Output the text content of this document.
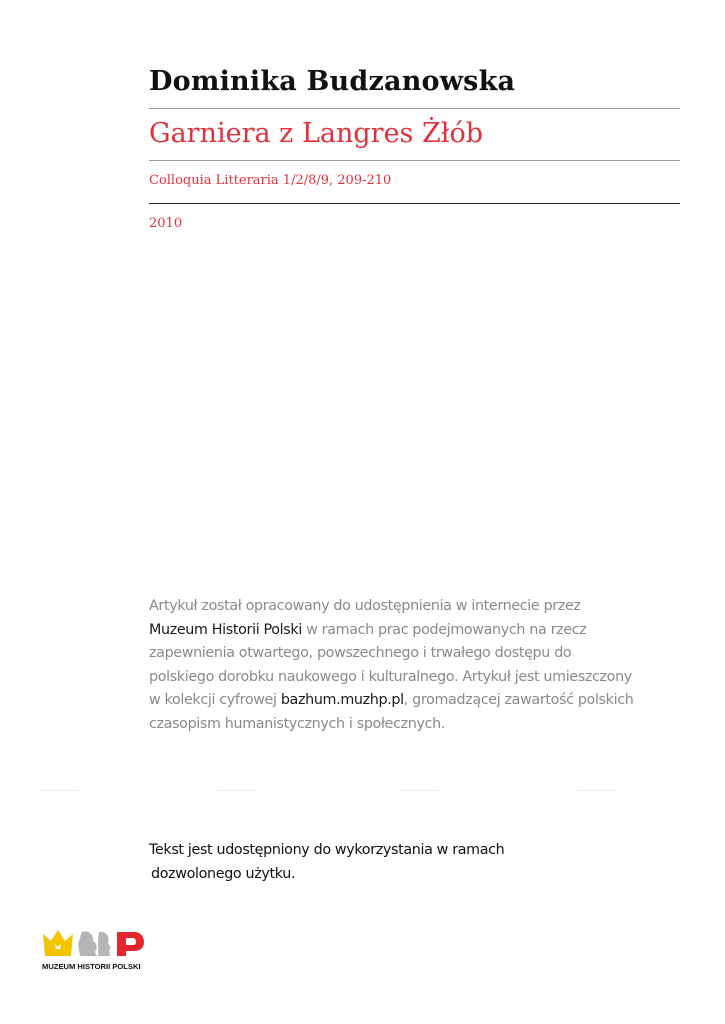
Dominika Budzanowska
Garniera z Langres Żłób
Colloquia Litteraria 1/2/8/9, 209-210
2010
Artykuł został opracowany do udostępnienia w internecie przez
Muzeum Historii Polski w ramach prac podejmowanych na rzecz
zapewnienia otwartego, powszechnego i trwałego dostępu do
polskiego dorobku naukowego i kulturalnego. Artykuł jest umieszczony
w kolekcji cyfrowej bazhum.muzhp.pl, gromadzącej zawartość polskich
czasopism humanistycznych i społecznych.
Tekst jest udostępniony do wykorzystania w ramach
dozwolonego użytku.
MUZEUM HISTORII POLSKI
